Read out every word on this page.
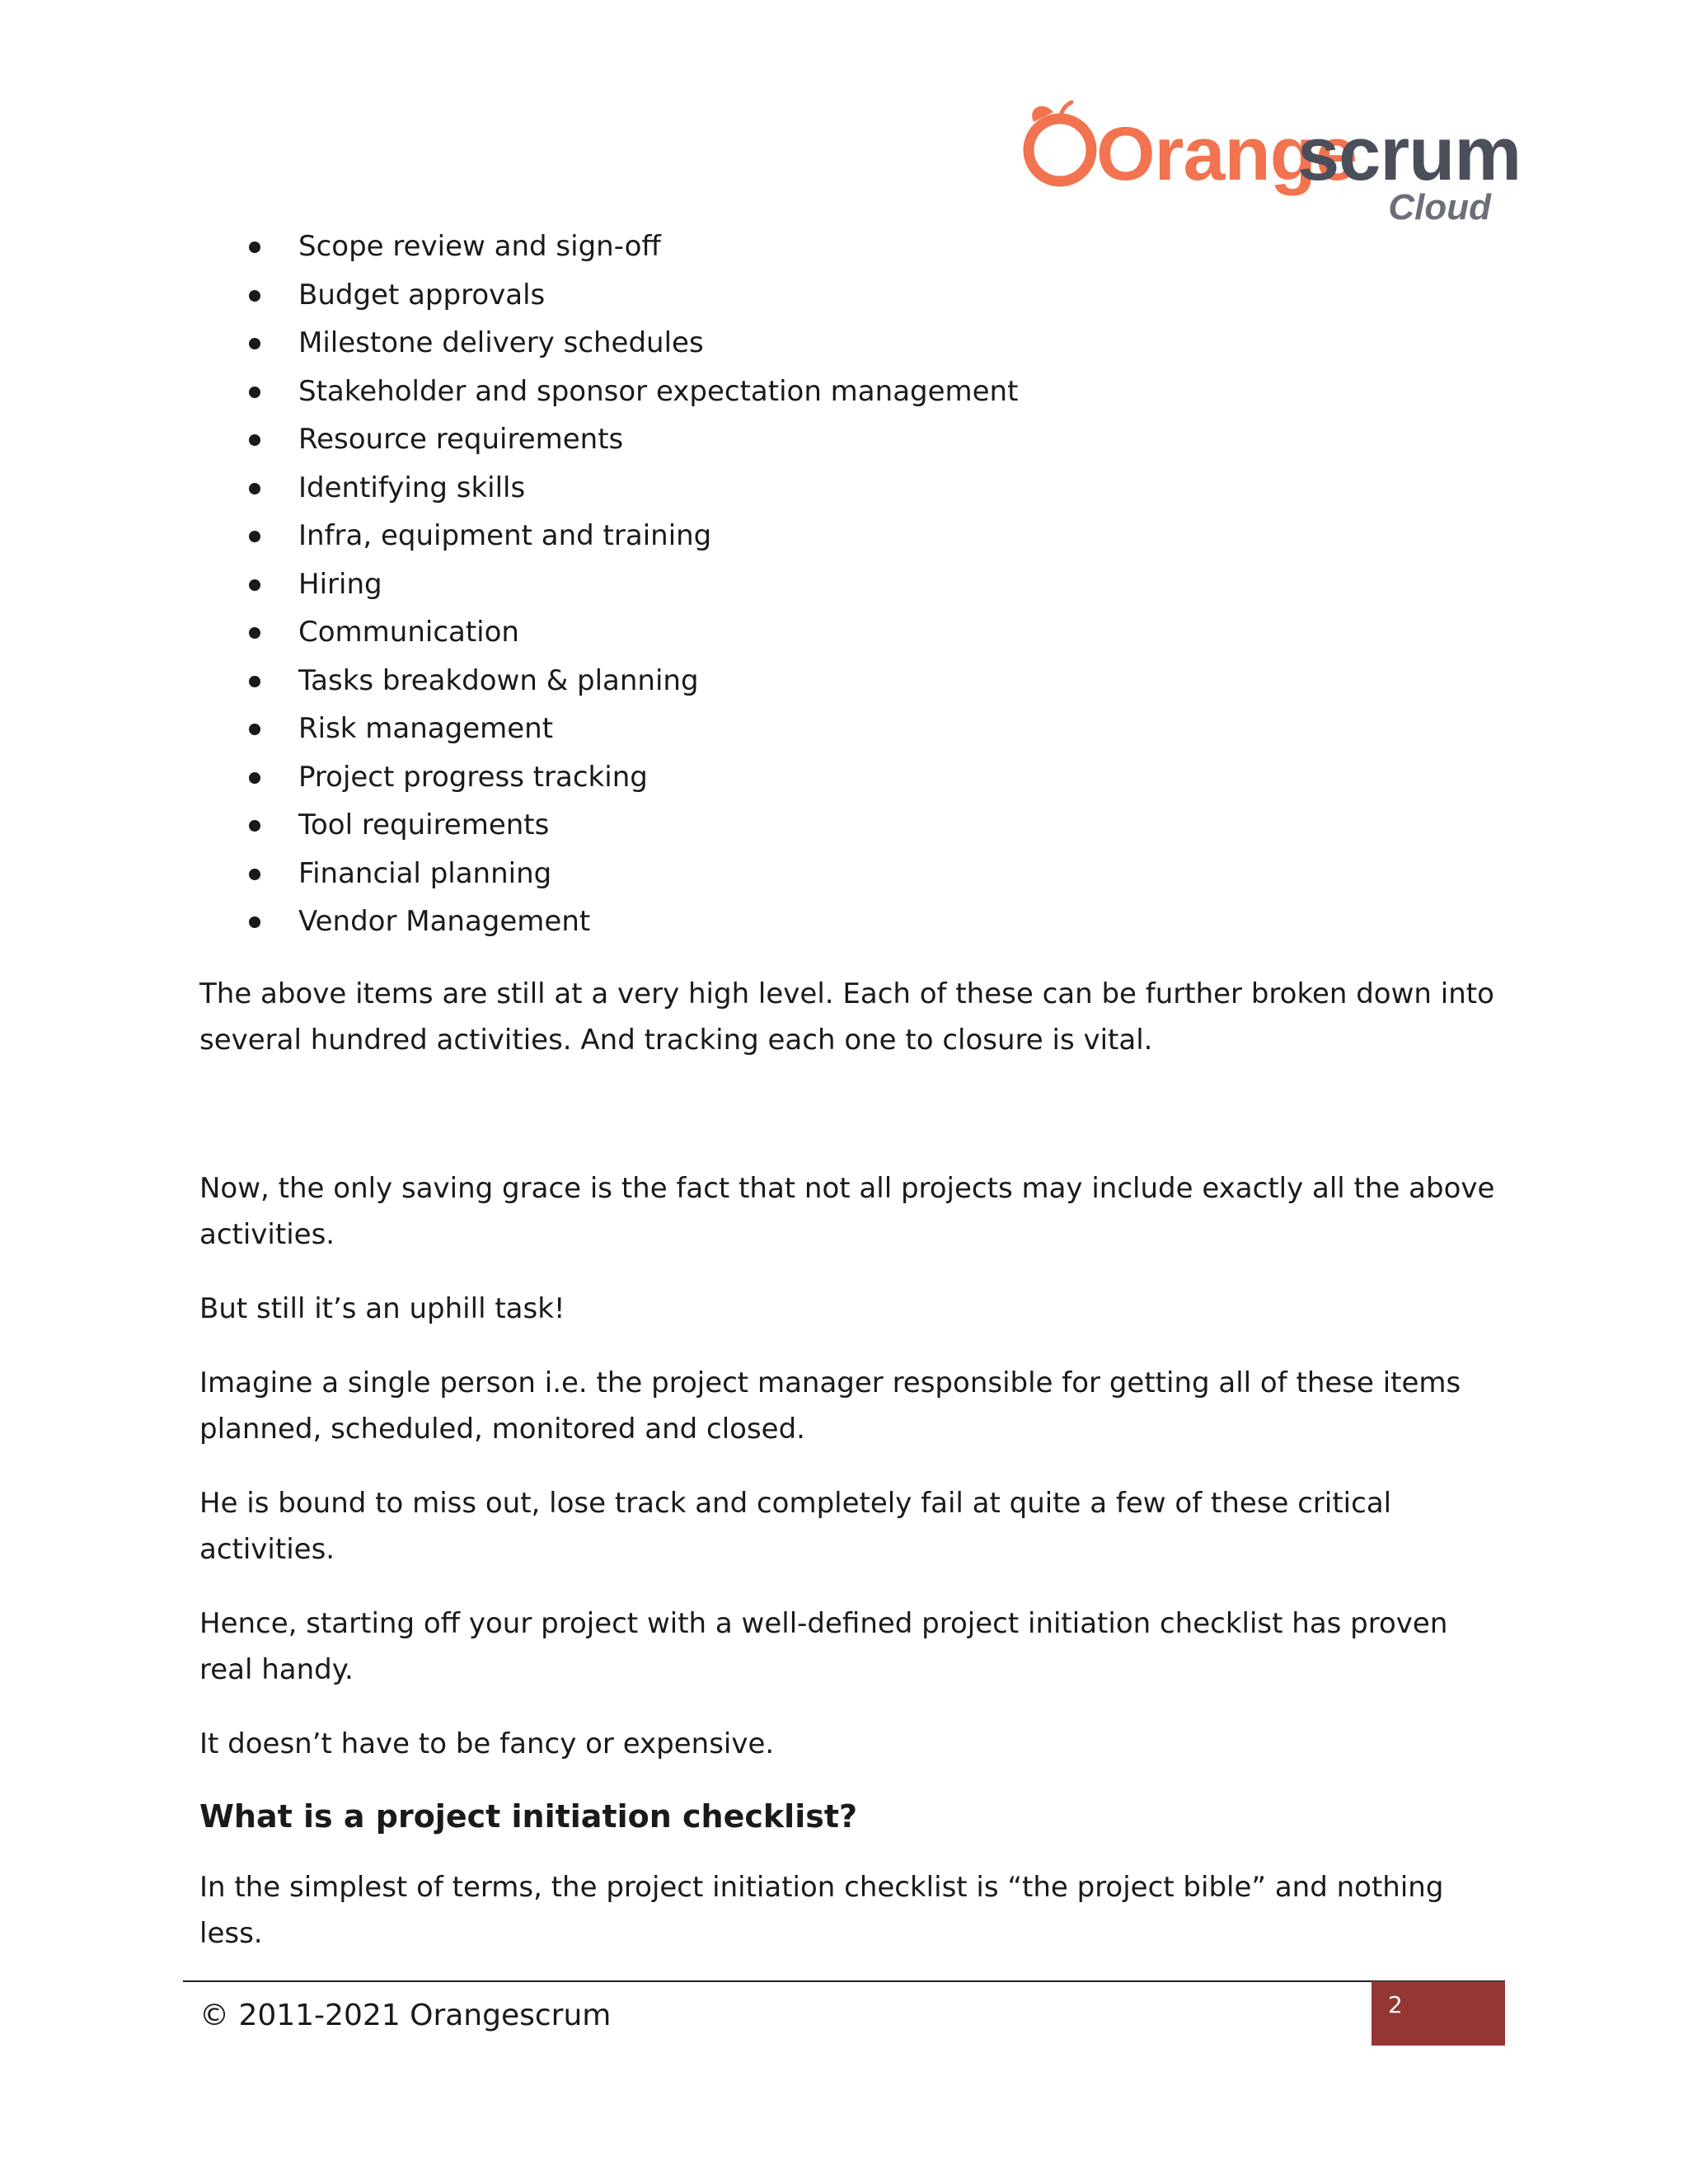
Orange
scrum
Cloud
Scope review and sign-off
Budget approvals
Milestone delivery schedules
Stakeholder and sponsor expectation management
Resource requirements
Identifying skills
Infra, equipment and training
Hiring
Communication
Tasks breakdown & planning
Risk management
Project progress tracking
Tool requirements
Financial planning
Vendor Management

The above items are still at a very high level. Each of these can be further broken down into several hundred activities. And tracking each one to closure is vital.

Now, the only saving grace is the fact that not all projects may include exactly all the above activities.

But still it’s an uphill task!

Imagine a single person i.e. the project manager responsible for getting all of these items planned, scheduled, monitored and closed.

He is bound to miss out, lose track and completely fail at quite a few of these critical activities.

Hence, starting off your project with a well-defined project initiation checklist has proven real handy.

It doesn’t have to be fancy or expensive.

What is a project initiation checklist?

In the simplest of terms, the project initiation checklist is “the project bible” and nothing less.

© 2011-2021 Orangescrum	2
